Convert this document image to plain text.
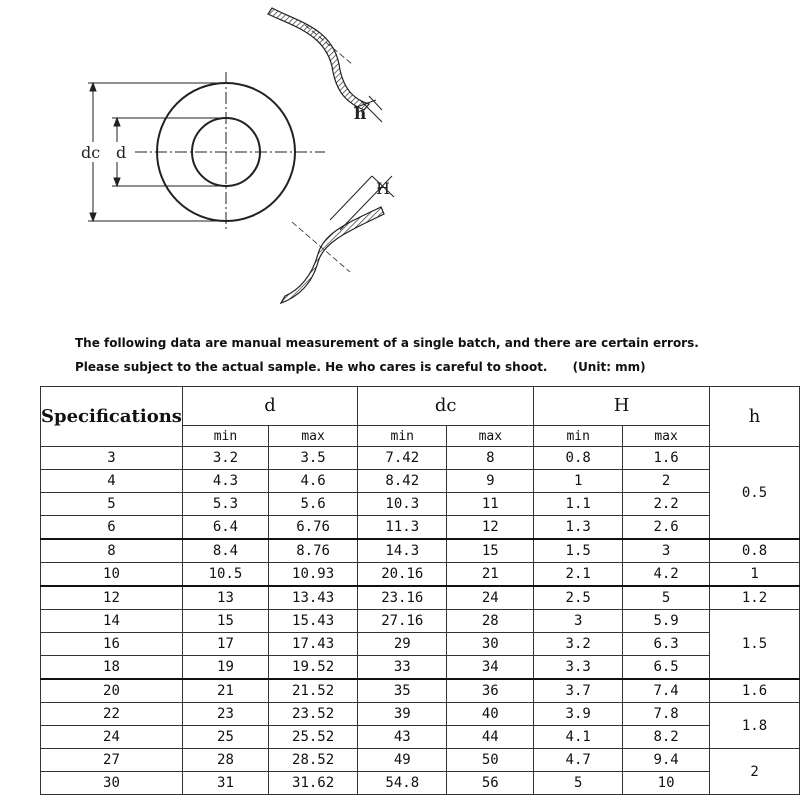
dc d
h
H
The following data are manual measurement of a single batch, and there are certain errors.
Please subject to the actual sample. He who cares is careful to shoot. (Unit: mm)
Specifications	d		dc		H		h
	min	max	min	max	min	max	
3	3.2	3.5	7.42	8	0.8	1.6	0.5
4	4.3	4.6	8.42	9	1	2	
5	5.3	5.6	10.3	11	1.1	2.2	
6	6.4	6.76	11.3	12	1.3	2.6	
8	8.4	8.76	14.3	15	1.5	3	0.8
10	10.5	10.93	20.16	21	2.1	4.2	1
12	13	13.43	23.16	24	2.5	5	1.2
14	15	15.43	27.16	28	3	5.9	1.5
16	17	17.43	29	30	3.2	6.3	
18	19	19.52	33	34	3.3	6.5	
20	21	21.52	35	36	3.7	7.4	1.6
22	23	23.52	39	40	3.9	7.8	1.8
24	25	25.52	43	44	4.1	8.2	
27	28	28.52	49	50	4.7	9.4	2
30	31	31.62	54.8	56	5	10	
